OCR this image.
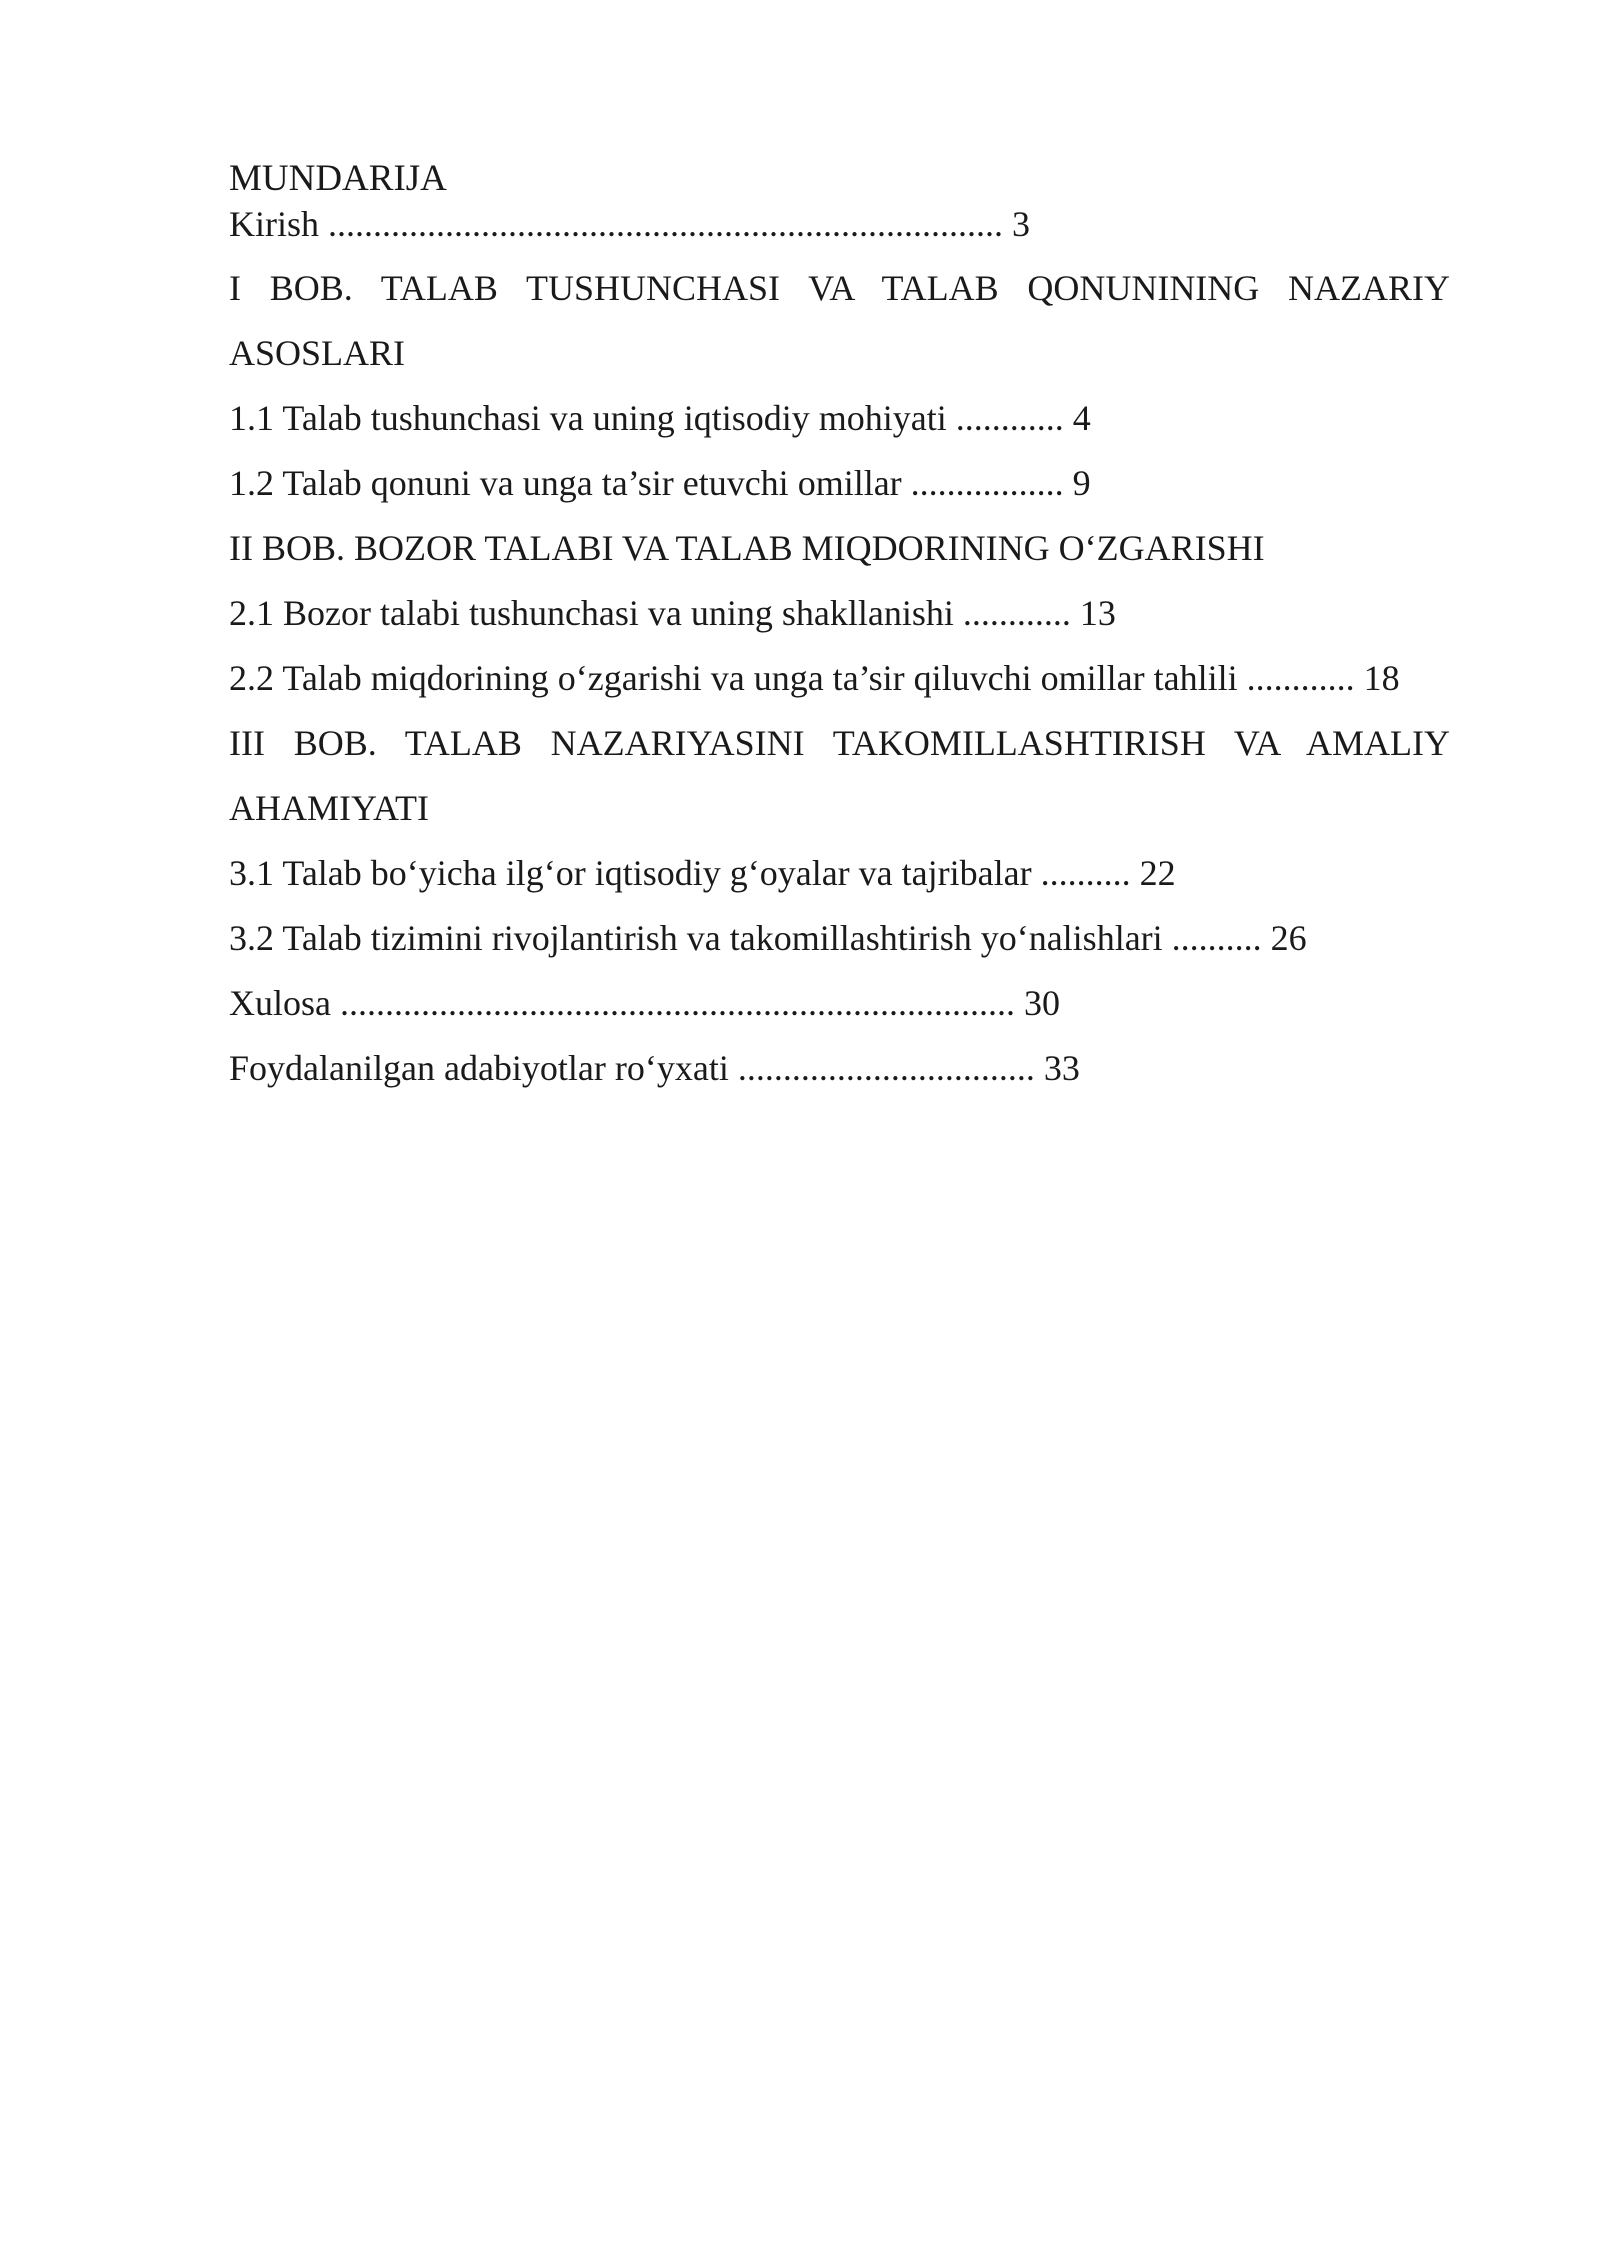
MUNDARIJA

Kirish ........................................................................... 3

I BOB. TALAB TUSHUNCHASI VA TALAB QONUNINING NAZARIY ASOSLARI

1.1 Talab tushunchasi va uning iqtisodiy mohiyati ............ 4

1.2 Talab qonuni va unga ta’sir etuvchi omillar ................. 9

II BOB. BOZOR TALABI VA TALAB MIQDORINING O‘ZGARISHI

2.1 Bozor talabi tushunchasi va uning shakllanishi ............ 13

2.2 Talab miqdorining o‘zgarishi va unga ta’sir qiluvchi omillar tahlili ............ 18

III BOB. TALAB NAZARIYASINI TAKOMILLASHTIRISH VA AMALIY AHAMIYATI

3.1 Talab bo‘yicha ilg‘or iqtisodiy g‘oyalar va tajribalar .......... 22

3.2 Talab tizimini rivojlantirish va takomillashtirish yo‘nalishlari .......... 26

Xulosa ........................................................................... 30

Foydalanilgan adabiyotlar ro‘yxati ................................. 33
